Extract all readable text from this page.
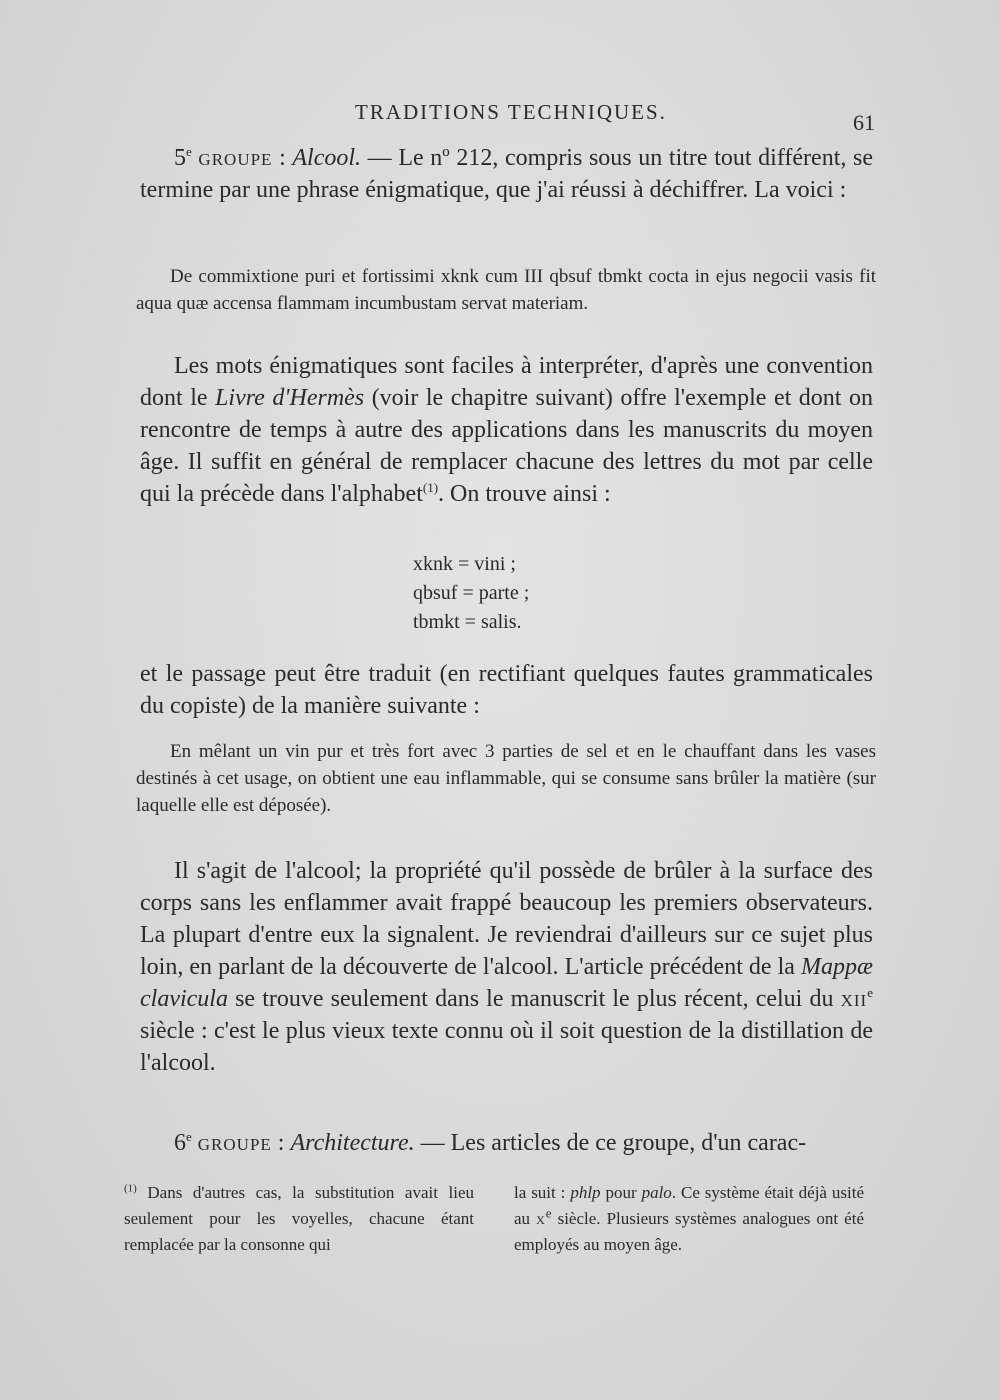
TRADITIONS TECHNIQUES.	61

5e groupe : Alcool. — Le nº 212, compris sous un titre tout différent, se termine par une phrase énigmatique, que j'ai réussi à déchiffrer. La voici :

De commixtione puri et fortissimi xknk cum III qbsuf tbmkt cocta in ejus negocii vasis fit aqua quæ accensa flammam incumbustam servat materiam.

Les mots énigmatiques sont faciles à interpréter, d'après une convention dont le Livre d'Hermès (voir le chapitre suivant) offre l'exemple et dont on rencontre de temps à autre des applications dans les manuscrits du moyen âge. Il suffit en général de remplacer chacune des lettres du mot par celle qui la précède dans l'alphabet$^{(1)}$. On trouve ainsi :

xknk = vini ;
qbsuf = parte ;
tbmkt = salis.

et le passage peut être traduit (en rectifiant quelques fautes grammaticales du copiste) de la manière suivante :

En mêlant un vin pur et très fort avec 3 parties de sel et en le chauffant dans les vases destinés à cet usage, on obtient une eau inflammable, qui se consume sans brûler la matière (sur laquelle elle est déposée).

Il s'agit de l'alcool; la propriété qu'il possède de brûler à la surface des corps sans les enflammer avait frappé beaucoup les premiers observateurs. La plupart d'entre eux la signalent. Je reviendrai d'ailleurs sur ce sujet plus loin, en parlant de la découverte de l'alcool. L'article précédent de la Mappæ clavicula se trouve seulement dans le manuscrit le plus récent, celui du xii$^e$ siècle : c'est le plus vieux texte connu où il soit question de la distillation de l'alcool.

6e groupe : Architecture. — Les articles de ce groupe, d'un carac-

$^{(1)}$ Dans d'autres cas, la substitution avait lieu seulement pour les voyelles, chacune étant remplacée par la consonne qui

la suit : phlp pour palo. Ce système était déjà usité au $x^e$ siècle. Plusieurs systèmes analogues ont été employés au moyen âge.
